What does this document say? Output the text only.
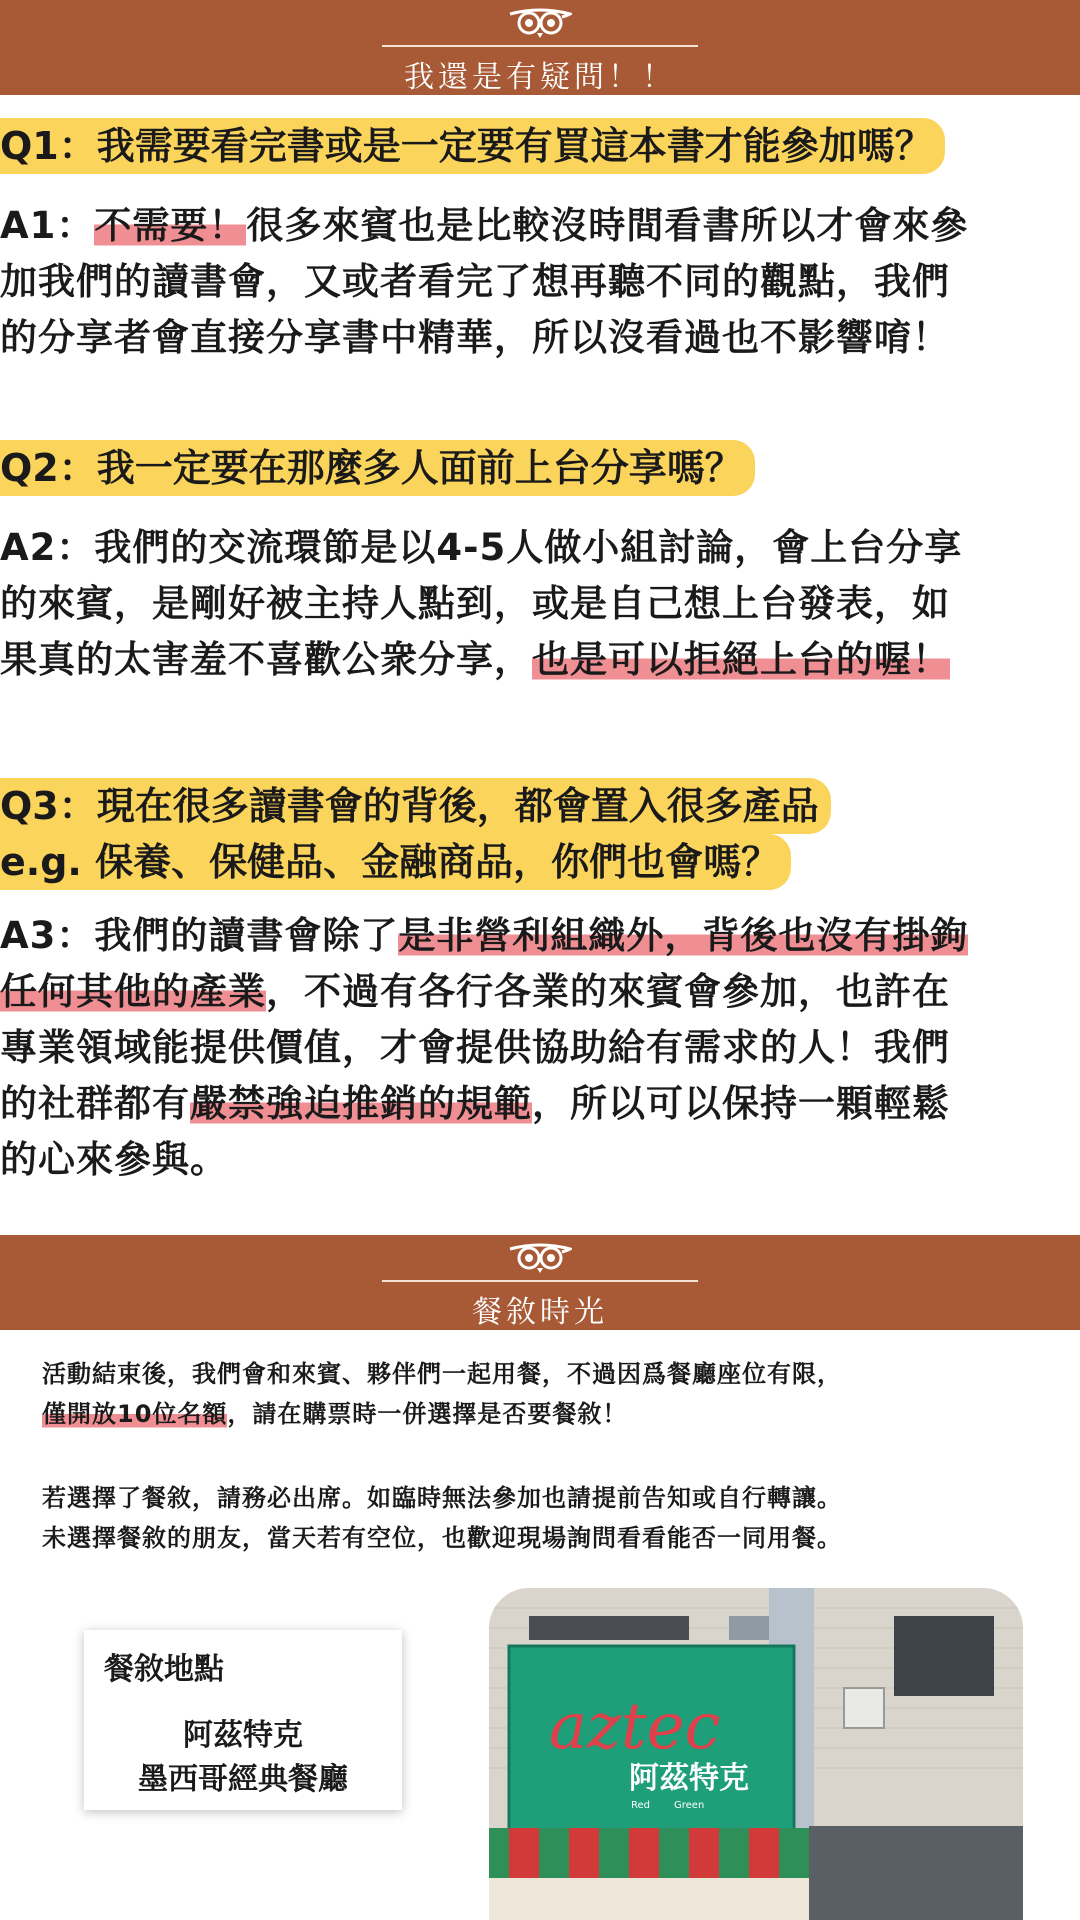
我還是有疑問！！
Q1：我需要看完書或是一定要有買這本書才能參加嗎？
A1：不需要！很多來賓也是比較沒時間看書所以才會來參
加我們的讀書會，又或者看完了想再聽不同的觀點，我們
的分享者會直接分享書中精華，所以沒看過也不影響唷！
Q2：我一定要在那麼多人面前上台分享嗎？
A2：我們的交流環節是以4-5人做小組討論，會上台分享
的來賓，是剛好被主持人點到，或是自己想上台發表，如
果真的太害羞不喜歡公衆分享，也是可以拒絕上台的喔！
Q3：現在很多讀書會的背後，都會置入很多產品
e.g. 保養、保健品、金融商品，你們也會嗎？
A3：我們的讀書會除了是非營利組織外，背後也沒有掛鉤
任何其他的產業，不過有各行各業的來賓會參加，也許在
專業領域能提供價值，才會提供協助給有需求的人！我們
的社群都有嚴禁強迫推銷的規範，所以可以保持一顆輕鬆
的心來參與。
餐敘時光
活動結束後，我們會和來賓、夥伴們一起用餐，不過因爲餐廳座位有限，
僅開放10位名額，請在購票時一併選擇是否要餐敘！
若選擇了餐敘，請務必出席。如臨時無法參加也請提前告知或自行轉讓。
未選擇餐敘的朋友，當天若有空位，也歡迎現場詢問看看能否一同用餐。
餐敘地點
阿茲特克
墨西哥經典餐廳
aztec
阿茲特克
Red Green
